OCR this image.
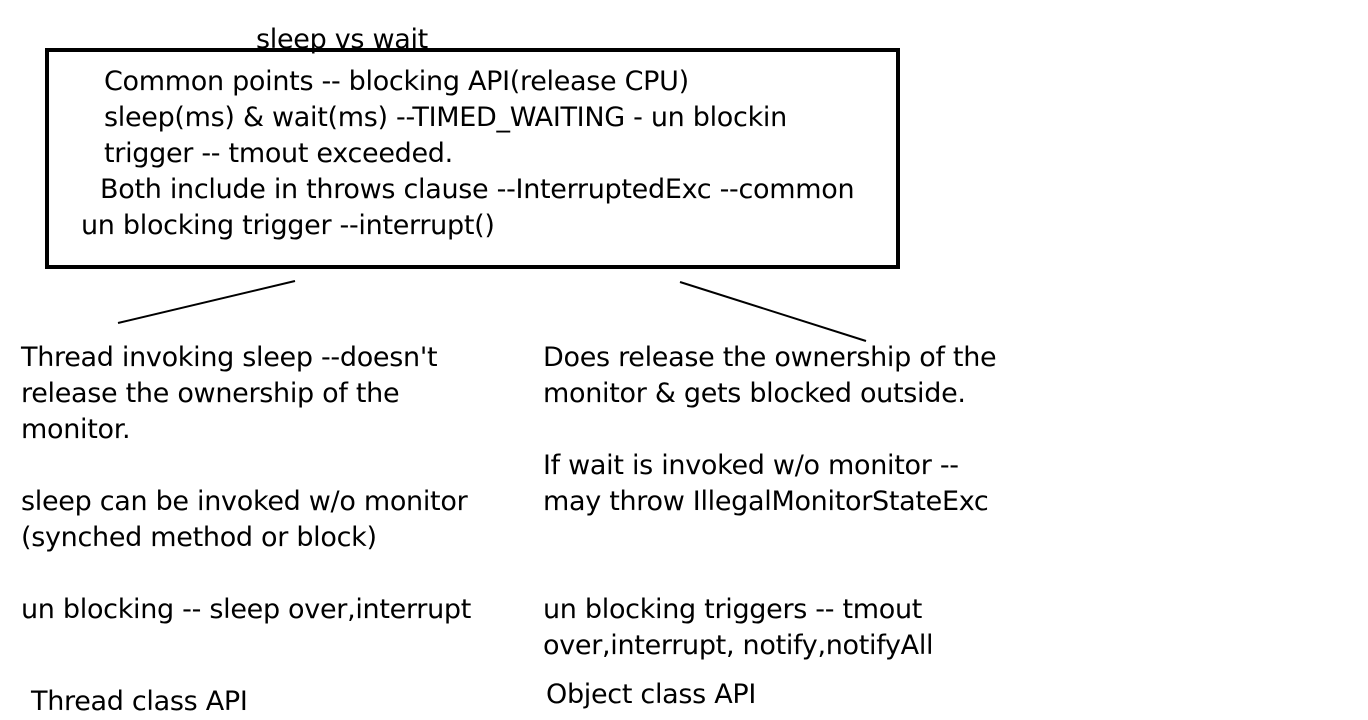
sleep vs wait
Common points -- blocking API(release CPU)
sleep(ms) & wait(ms) --TIMED_WAITING - un blockin
trigger -- tmout exceeded.
Both include in throws clause --InterruptedExc --common
un blocking trigger --interrupt()
Thread invoking sleep --doesn't
release the ownership of the
monitor.
sleep can be invoked w/o monitor
(synched method or block)
un blocking -- sleep over,interrupt
Thread class API
Does release the ownership of the
monitor & gets blocked outside.
If wait is invoked w/o monitor --
may throw IllegalMonitorStateExc
un blocking triggers -- tmout
over,interrupt, notify,notifyAll
Object class API
